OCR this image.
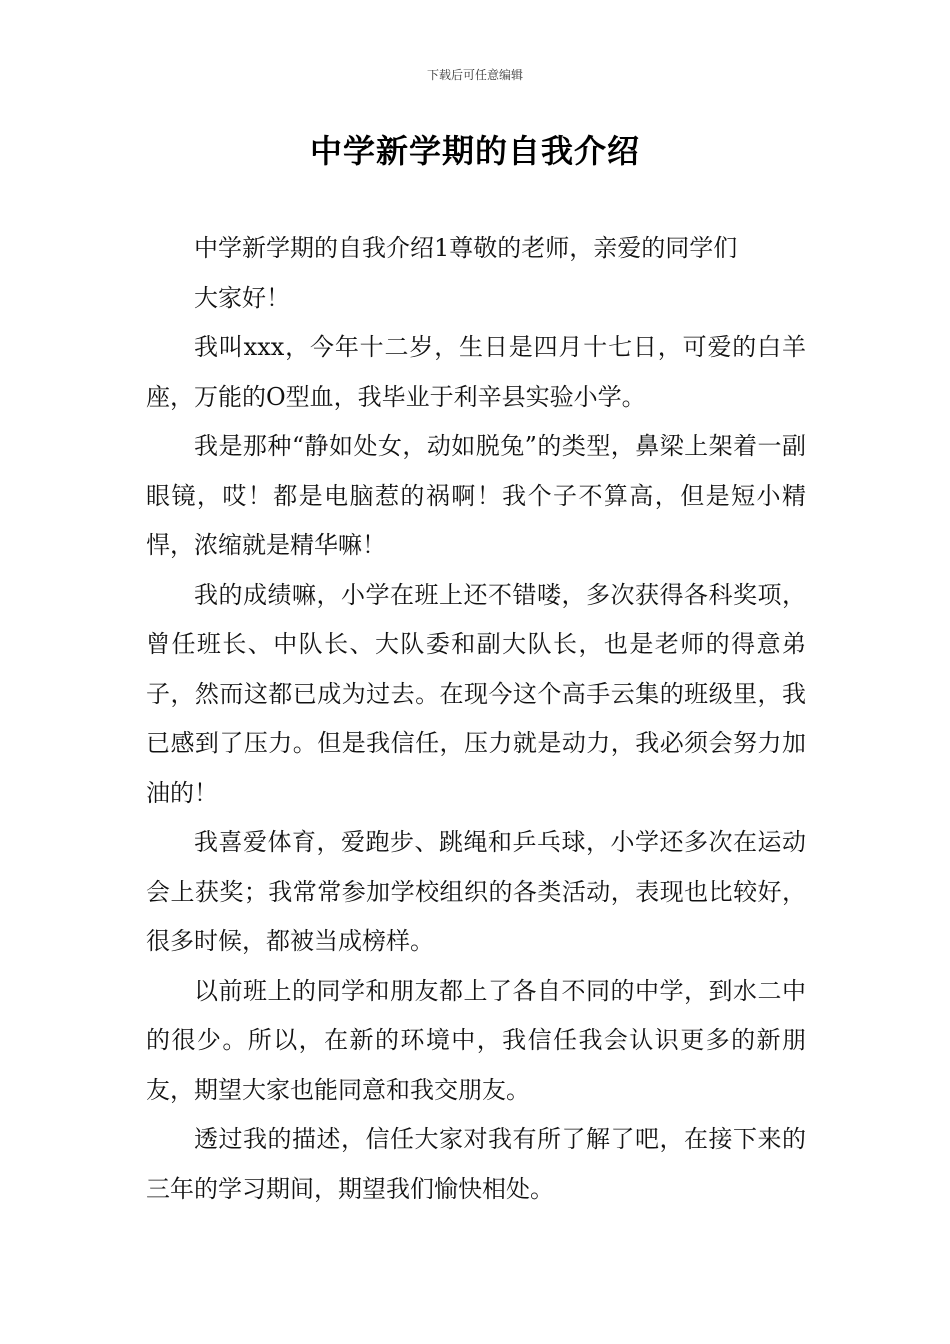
下载后可任意编辑
中学新学期的自我介绍

中学新学期的自我介绍1尊敬的老师，亲爱的同学们

大家好！

我叫xxx，今年十二岁，生日是四月十七日，可爱的白羊座，万能的O型血，我毕业于利辛县实验小学。

我是那种“静如处女，动如脱兔”的类型，鼻梁上架着一副眼镜，哎！都是电脑惹的祸啊！我个子不算高，但是短小精悍，浓缩就是精华嘛！

我的成绩嘛，小学在班上还不错喽，多次获得各科奖项，曾任班长、中队长、大队委和副大队长，也是老师的得意弟子，然而这都已成为过去。在现今这个高手云集的班级里，我已感到了压力。但是我信任，压力就是动力，我必须会努力加油的！

我喜爱体育，爱跑步、跳绳和乒乓球，小学还多次在运动会上获奖；我常常参加学校组织的各类活动，表现也比较好，很多时候，都被当成榜样。

以前班上的同学和朋友都上了各自不同的中学，到水二中的很少。所以，在新的环境中，我信任我会认识更多的新朋友，期望大家也能同意和我交朋友。

透过我的描述，信任大家对我有所了解了吧，在接下来的三年的学习期间，期望我们愉快相处。
